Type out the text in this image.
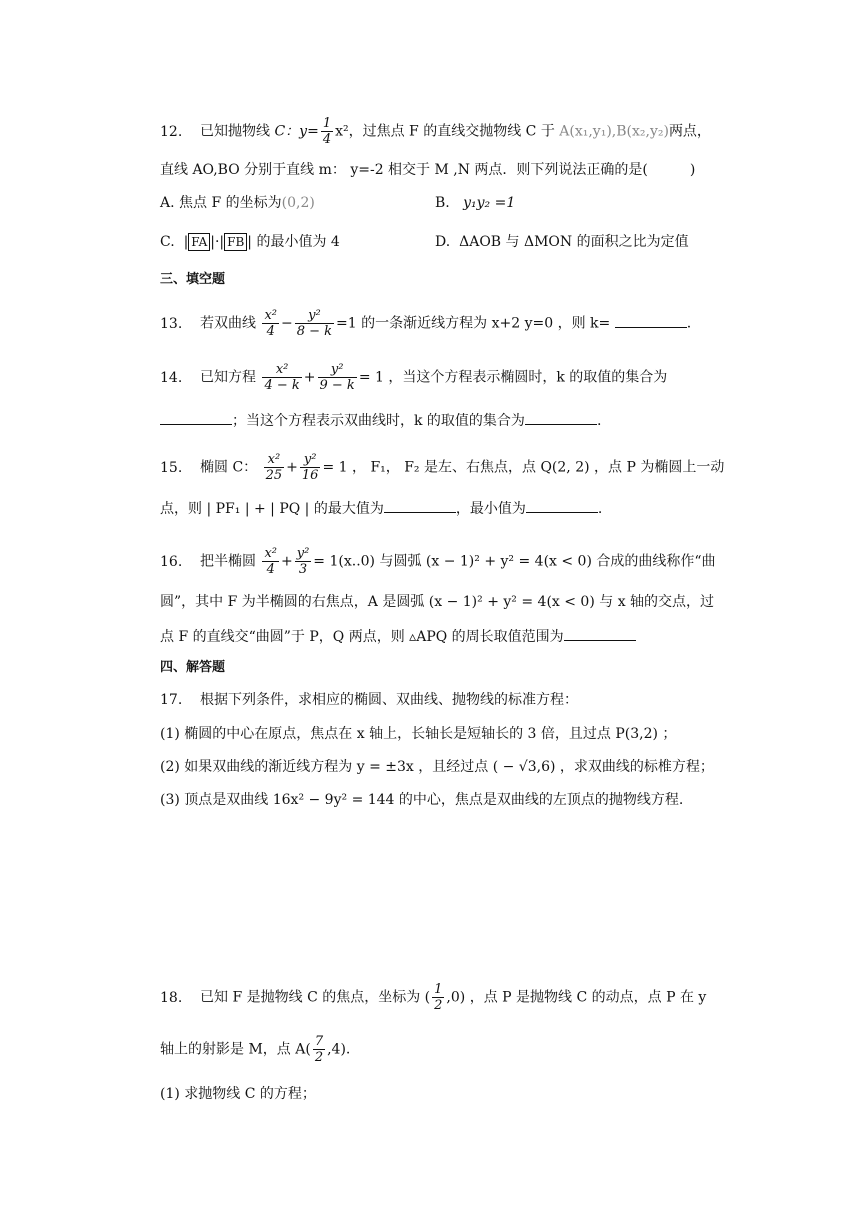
12. 已知抛物线 C：$y= \frac{1}{4} x^2$，过焦点 F 的直线交抛物线 C 于 A(x₁,y₁),B(x₂,y₂)两点，
直线 AO,BO 分别于直线 m： y=-2 相交于 M ,N 两点．则下列说法正确的是(　　　)
A. 焦点 F 的坐标为(0,2)	B. y₁y₂ =1
C.  | FA |·| FB | 的最小值为 4	D. ΔAOB 与 ΔMON 的面积之比为定值
三、填空题
13. 若双曲线 $\frac{\text{x²}}{4} - \frac{\text{y²}}{8 - k} =1$ 的一条渐近线方程为 x+2 y=0 ，则 k=	.
14. 已知方程 $\frac{\text{x²}}{4 - k} + \frac{\text{y²}}{9 - k} = 1$ ，当这个方程表示椭圆时，k 的取值的集合为
；当这个方程表示双曲线时，k 的取值的集合为	.
15. 椭圆 C： $\frac{\text{x²}}{25} + \frac{\text{y²}}{16} = 1$ ， F₁， F₂ 是左、右焦点，点 Q(2, 2) ，点 P 为椭圆上一动
点，则 | PF₁ | + | PQ | 的最大值为	，最小值为	.
16. 把半椭圆 $\frac{\text{x²}}{4} + \frac{\text{y²}}{3} = 1(x..0)$ 与圆弧 (x − 1)² + y² = 4(x < 0) 合成的曲线称作“曲
圆”，其中 F 为半椭圆的右焦点，A 是圆弧 (x − 1)² + y² = 4(x < 0) 与 x 轴的交点，过
点 F 的直线交“曲圆”于 P，Q 两点，则 ▵APQ 的周长取值范围为
四、解答题
17. 根据下列条件，求相应的椭圆、双曲线、抛物线的标准方程：
(1) 椭圆的中心在原点，焦点在 x 轴上，长轴长是短轴长的 3 倍，且过点 P(3,2) ；
(2) 如果双曲线的渐近线方程为 y = ±3x ，且经过点 ( − √3,6) ，求双曲线的标椎方程；
(3) 顶点是双曲线 16x² − 9y² = 144 的中心，焦点是双曲线的左顶点的抛物线方程.
18. 已知 F 是抛物线 C 的焦点，坐标为 ( $\frac{1}{2} ,0$) ，点 P 是抛物线 C 的动点，点 P 在 y
轴上的射影是 M，点 $A( \frac{7}{2} ,4)$.
(1) 求抛物线 C 的方程；
